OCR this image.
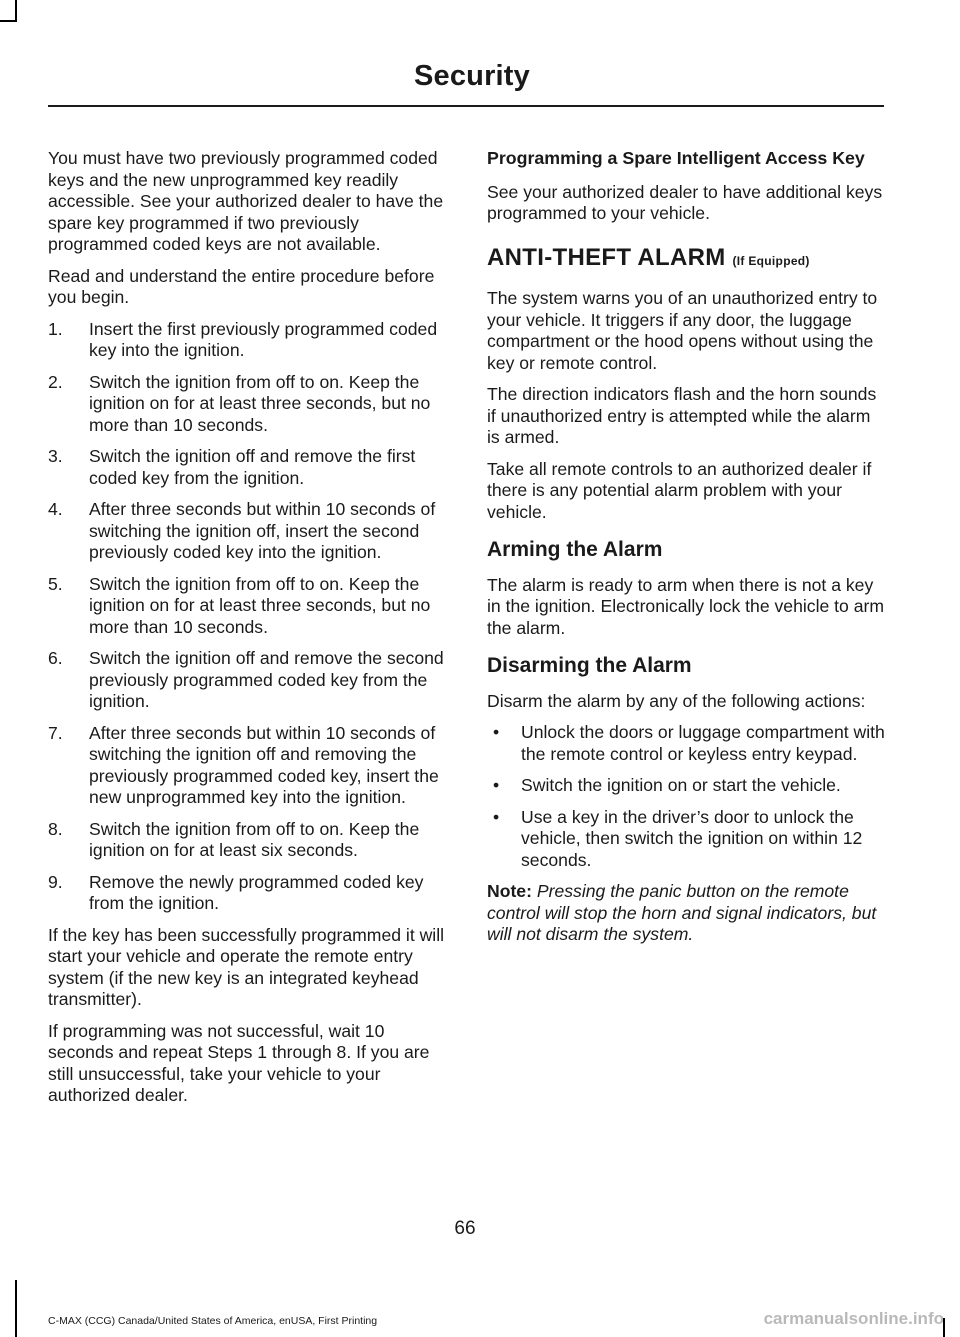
Security

You must have two previously programmed coded keys and the new unprogrammed key readily accessible. See your authorized dealer to have the spare key programmed if two previously programmed coded keys are not available.

Read and understand the entire procedure before you begin.

1. Insert the first previously programmed coded key into the ignition.
2. Switch the ignition from off to on. Keep the ignition on for at least three seconds, but no more than 10 seconds.
3. Switch the ignition off and remove the first coded key from the ignition.
4. After three seconds but within 10 seconds of switching the ignition off, insert the second previously coded key into the ignition.
5. Switch the ignition from off to on. Keep the ignition on for at least three seconds, but no more than 10 seconds.
6. Switch the ignition off and remove the second previously programmed coded key from the ignition.
7. After three seconds but within 10 seconds of switching the ignition off and removing the previously programmed coded key, insert the new unprogrammed key into the ignition.
8. Switch the ignition from off to on. Keep the ignition on for at least six seconds.
9. Remove the newly programmed coded key from the ignition.

If the key has been successfully programmed it will start your vehicle and operate the remote entry system (if the new key is an integrated keyhead transmitter).

If programming was not successful, wait 10 seconds and repeat Steps 1 through 8. If you are still unsuccessful, take your vehicle to your authorized dealer.

Programming a Spare Intelligent Access Key

See your authorized dealer to have additional keys programmed to your vehicle.

ANTI-THEFT ALARM (If Equipped)

The system warns you of an unauthorized entry to your vehicle. It triggers if any door, the luggage compartment or the hood opens without using the key or remote control.

The direction indicators flash and the horn sounds if unauthorized entry is attempted while the alarm is armed.

Take all remote controls to an authorized dealer if there is any potential alarm problem with your vehicle.

Arming the Alarm

The alarm is ready to arm when there is not a key in the ignition. Electronically lock the vehicle to arm the alarm.

Disarming the Alarm

Disarm the alarm by any of the following actions:

• Unlock the doors or luggage compartment with the remote control or keyless entry keypad.
• Switch the ignition on or start the vehicle.
• Use a key in the driver’s door to unlock the vehicle, then switch the ignition on within 12 seconds.

Note: Pressing the panic button on the remote control will stop the horn and signal indicators, but will not disarm the system.

66
C-MAX (CCG) Canada/United States of America, enUSA, First Printing	carmanualsonline.info
